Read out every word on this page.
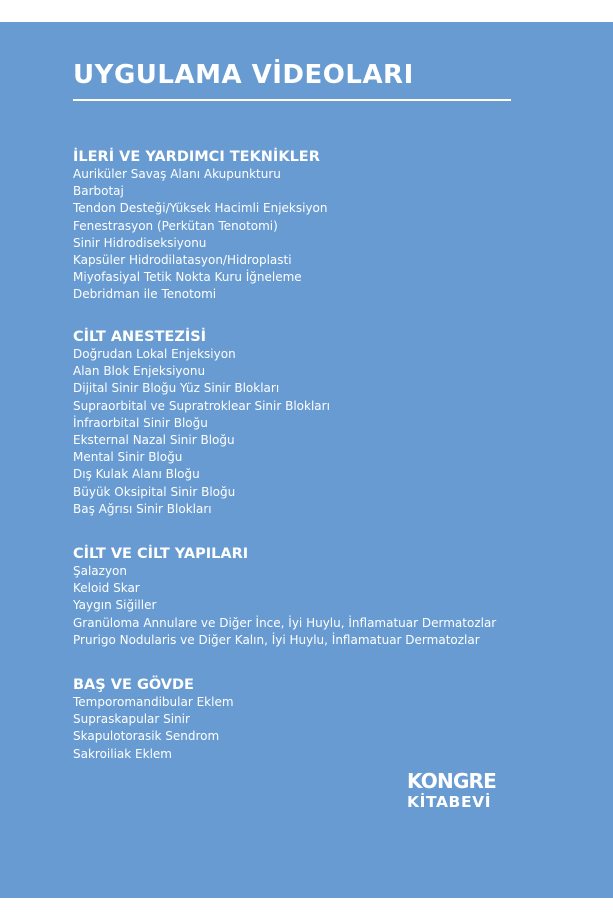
UYGULAMA VİDEOLARI
İLERİ VE YARDIMCI TEKNİKLER
Auriküler Savaş Alanı Akupunkturu
Barbotaj
Tendon Desteği/Yüksek Hacimli Enjeksiyon
Fenestrasyon (Perkütan Tenotomi)
Sinir Hidrodiseksiyonu
Kapsüler Hidrodilatasyon/Hidroplasti
Miyofasiyal Tetik Nokta Kuru İğneleme
Debridman ile Tenotomi
CİLT ANESTEZİSİ
Doğrudan Lokal Enjeksiyon
Alan Blok Enjeksiyonu
Dijital Sinir Bloğu Yüz Sinir Blokları
Supraorbital ve Supratroklear Sinir Blokları
İnfraorbital Sinir Bloğu
Eksternal Nazal Sinir Bloğu
Mental Sinir Bloğu
Dış Kulak Alanı Bloğu
Büyük Oksipital Sinir Bloğu
Baş Ağrısı Sinir Blokları
CİLT VE CİLT YAPILARI
Şalazyon
Keloid Skar
Yaygın Siğiller
Granüloma Annulare ve Diğer İnce, İyi Huylu, İnflamatuar Dermatozlar
Prurigo Nodularis ve Diğer Kalın, İyi Huylu, İnflamatuar Dermatozlar
BAŞ VE GÖVDE
Temporomandibular Eklem
Supraskapular Sinir
Skapulotorasik Sendrom
Sakroiliak Eklem
KONGRE
KİTABEVİ
